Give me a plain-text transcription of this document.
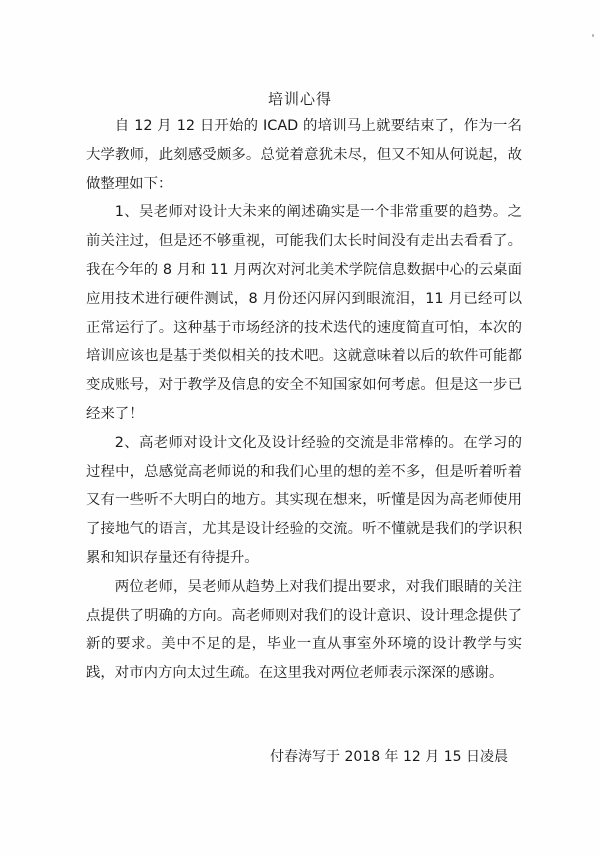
培训心得

自 12 月 12 日开始的 ICAD 的培训马上就要结束了，作为一名大学教师，此刻感受颇多。总觉着意犹未尽，但又不知从何说起，故做整理如下：

1、吴老师对设计大未来的阐述确实是一个非常重要的趋势。之前关注过，但是还不够重视，可能我们太长时间没有走出去看看了。我在今年的 8 月和 11 月两次对河北美术学院信息数据中心的云桌面应用技术进行硬件测试，8 月份还闪屏闪到眼流泪，11 月已经可以正常运行了。这种基于市场经济的技术迭代的速度简直可怕，本次的培训应该也是基于类似相关的技术吧。这就意味着以后的软件可能都变成账号，对于教学及信息的安全不知国家如何考虑。但是这一步已经来了！

2、高老师对设计文化及设计经验的交流是非常棒的。在学习的过程中，总感觉高老师说的和我们心里的想的差不多，但是听着听着又有一些听不大明白的地方。其实现在想来，听懂是因为高老师使用了接地气的语言，尤其是设计经验的交流。听不懂就是我们的学识积累和知识存量还有待提升。

两位老师，吴老师从趋势上对我们提出要求，对我们眼睛的关注点提供了明确的方向。高老师则对我们的设计意识、设计理念提供了新的要求。美中不足的是，毕业一直从事室外环境的设计教学与实践，对市内方向太过生疏。在这里我对两位老师表示深深的感谢。

付春涛写于 2018 年 12 月 15 日凌晨
